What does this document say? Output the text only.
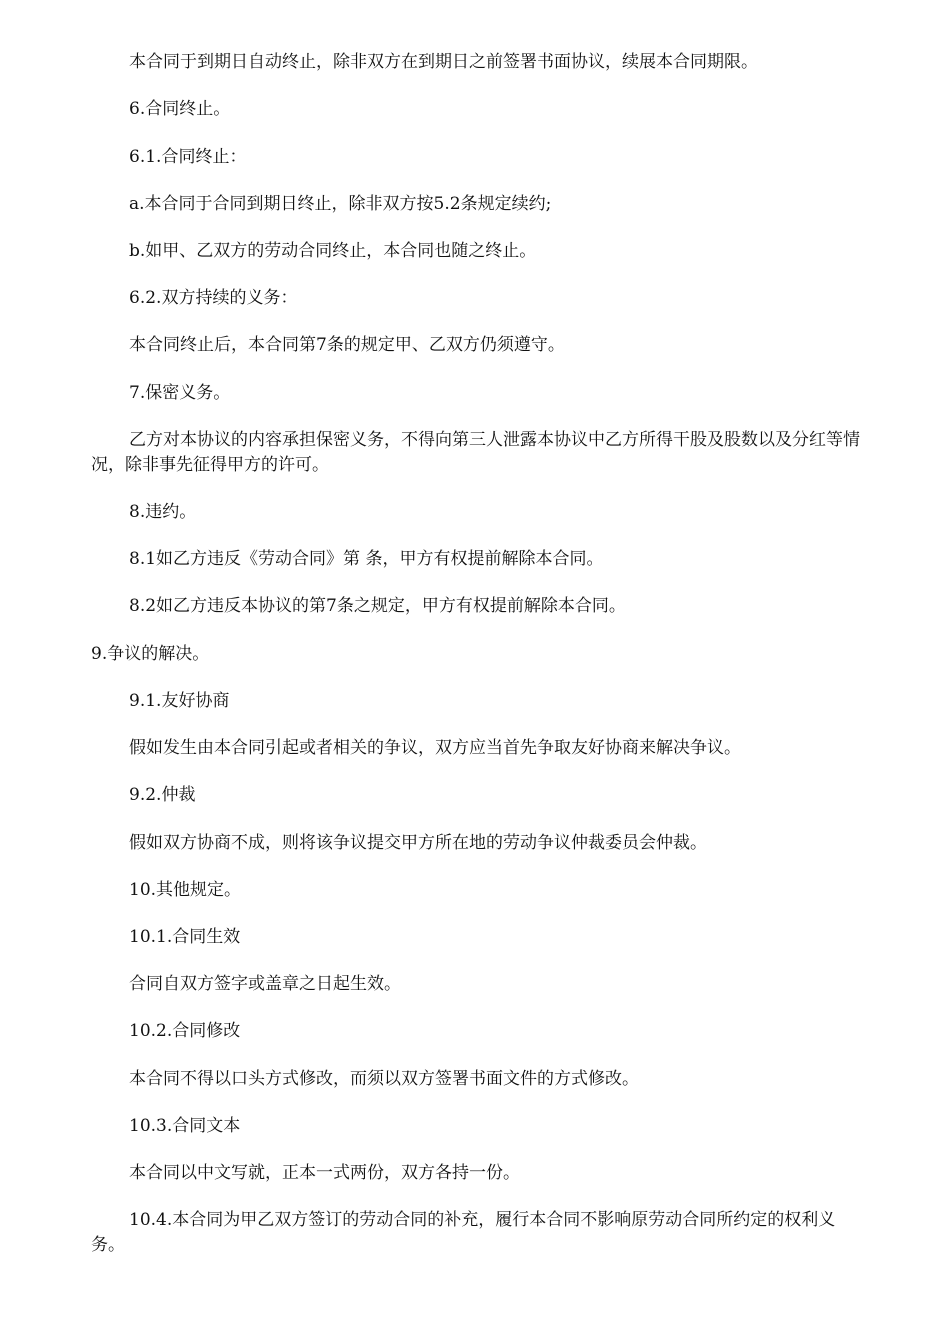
本合同于到期日自动终止，除非双方在到期日之前签署书面协议，续展本合同期限。

6.合同终止。

6.1.合同终止：

a.本合同于合同到期日终止，除非双方按5.2条规定续约;

b.如甲、乙双方的劳动合同终止，本合同也随之终止。

6.2.双方持续的义务：

本合同终止后，本合同第7条的规定甲、乙双方仍须遵守。

7.保密义务。

乙方对本协议的内容承担保密义务，不得向第三人泄露本协议中乙方所得干股及股数以及分红等情况，除非事先征得甲方的许可。

8.违约。

8.1如乙方违反《劳动合同》第 条，甲方有权提前解除本合同。

8.2如乙方违反本协议的第7条之规定，甲方有权提前解除本合同。

9.争议的解决。

9.1.友好协商

假如发生由本合同引起或者相关的争议，双方应当首先争取友好协商来解决争议。

9.2.仲裁

假如双方协商不成，则将该争议提交甲方所在地的劳动争议仲裁委员会仲裁。

10.其他规定。

10.1.合同生效

合同自双方签字或盖章之日起生效。

10.2.合同修改

本合同不得以口头方式修改，而须以双方签署书面文件的方式修改。

10.3.合同文本

本合同以中文写就，正本一式两份，双方各持一份。

10.4.本合同为甲乙双方签订的劳动合同的补充，履行本合同不影响原劳动合同所约定的权利义务。
